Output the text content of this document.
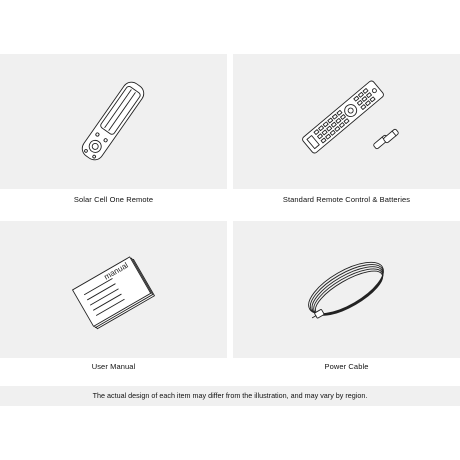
manual
Solar Cell One Remote	Standard Remote Control & Batteries
User Manual	Power Cable
The actual design of each item may differ from the illustration, and may vary by region.
